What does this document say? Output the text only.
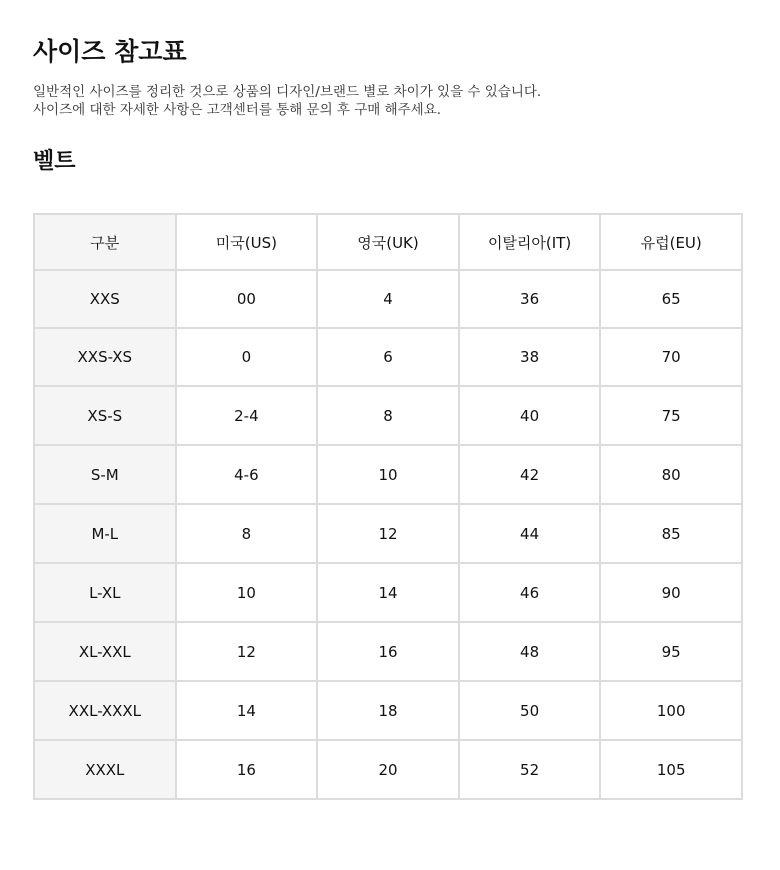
사이즈 참고표
일반적인 사이즈를 정리한 것으로 상품의 디자인/브랜드 별로 차이가 있을 수 있습니다.
사이즈에 대한 자세한 사항은 고객센터를 통해 문의 후 구매 해주세요.
벨트
구분	미국(US)	영국(UK)	이탈리아(IT)	유럽(EU)
XXS	00	4	36	65
XXS-XS	0	6	38	70
XS-S	2-4	8	40	75
S-M	4-6	10	42	80
M-L	8	12	44	85
L-XL	10	14	46	90
XL-XXL	12	16	48	95
XXL-XXXL	14	18	50	100
XXXL	16	20	52	105
